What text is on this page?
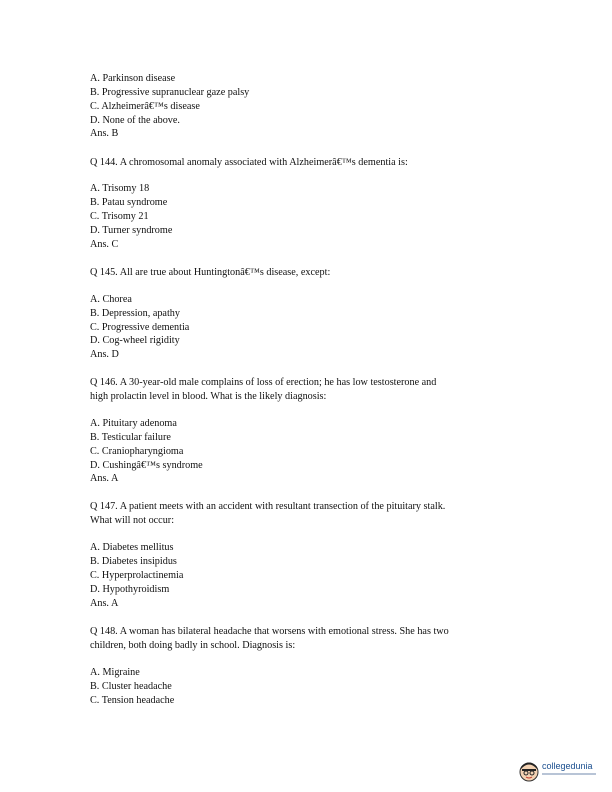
A. Parkinson disease
B. Progressive supranuclear gaze palsy
C. Alzheimerâ€™s disease
D. None of the above.
Ans. B
Q 144. A chromosomal anomaly associated with Alzheimerâ€™s dementia is:
A. Trisomy 18
B. Patau syndrome
C. Trisomy 21
D. Turner syndrome
Ans. C
Q 145. All are true about Huntingtonâ€™s disease, except:
A. Chorea
B. Depression, apathy
C. Progressive dementia
D. Cog-wheel rigidity
Ans. D
Q 146. A 30-year-old male complains of loss of erection; he has low testosterone and
high prolactin level in blood. What is the likely diagnosis:
A. Pituitary adenoma
B. Testicular failure
C. Craniopharyngioma
D. Cushingâ€™s syndrome
Ans. A
Q 147. A patient meets with an accident with resultant transection of the pituitary stalk.
What will not occur:
A. Diabetes mellitus
B. Diabetes insipidus
C. Hyperprolactinemia
D. Hypothyroidism
Ans. A
Q 148. A woman has bilateral headache that worsens with emotional stress. She has two
children, both doing badly in school. Diagnosis is:
A. Migraine
B. Cluster headache
C. Tension headache
collegedunia
